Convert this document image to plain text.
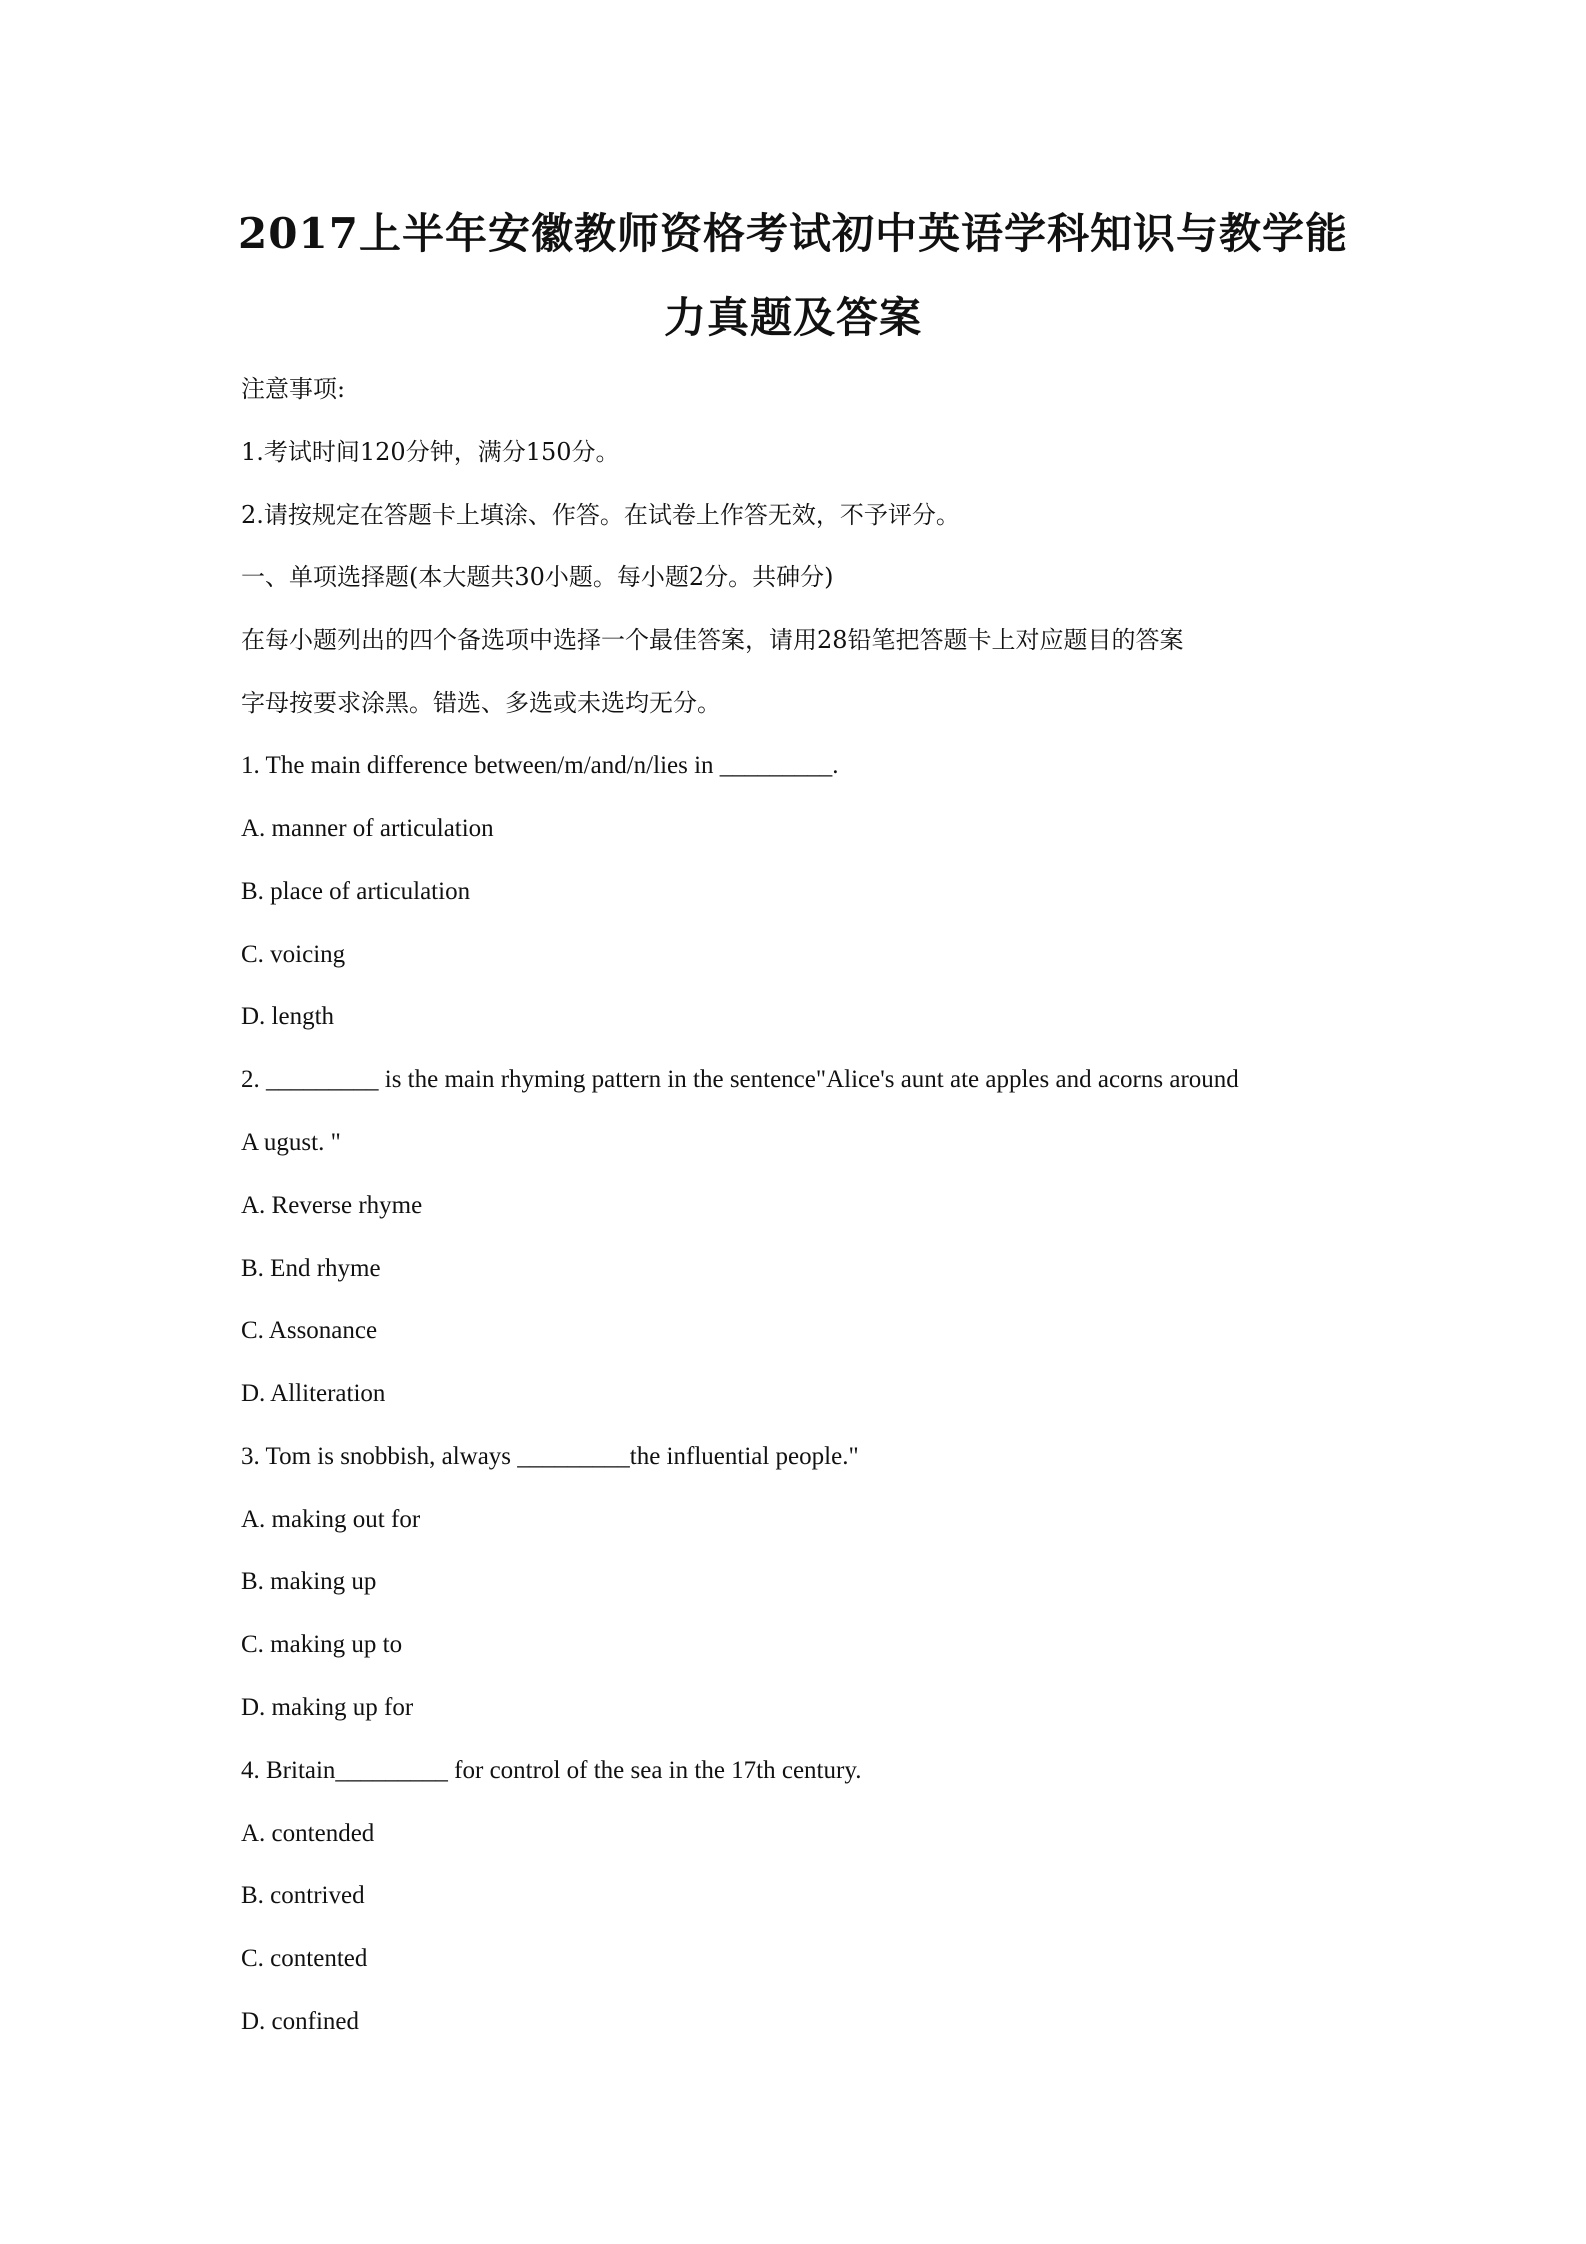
2017上半年安徽教师资格考试初中英语学科知识与教学能
力真题及答案
注意事项:
1.考试时间120分钟，满分150分。
2.请按规定在答题卡上填涂、作答。在试卷上作答无效，不予评分。
一、单项选择题(本大题共30小题。每小题2分。共砷分)
在每小题列出的四个备选项中选择一个最佳答案，请用28铅笔把答题卡上对应题目的答案
字母按要求涂黑。错选、多选或未选均无分。
1. The main difference between/m/and/n/lies in _________.
A. manner of articulation
B. place of articulation
C. voicing
D. length
2. _________ is the main rhyming pattern in the sentence"Alice's aunt ate apples and acorns around
A ugust. "
A. Reverse rhyme
B. End rhyme
C. Assonance
D. Alliteration
3. Tom is snobbish, always _________the influential people."
A. making out for
B. making up
C. making up to
D. making up for
4. Britain_________ for control of the sea in the 17th century.
A. contended
B. contrived
C. contented
D. confined
